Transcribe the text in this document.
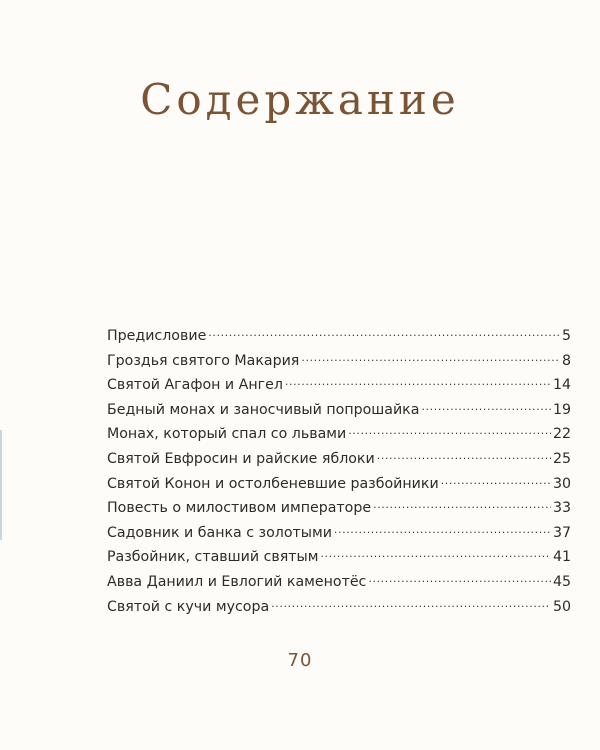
Содержание
Предисловие .....	5
Гроздья святого Макария .....	8
Святой Агафон и Ангел .....	14
Бедный монах и заносчивый попрошайка .....	19
Монах, который спал со львами .....	22
Святой Евфросин и райские яблоки .....	25
Святой Конон и остолбеневшие разбойники .....	30
Повесть о милостивом императоре .....	33
Садовник и банка с золотыми .....	37
Разбойник, ставший святым .....	41
Авва Даниил и Евлогий каменотёс .....	45
Святой с кучи мусора .....	50
70
